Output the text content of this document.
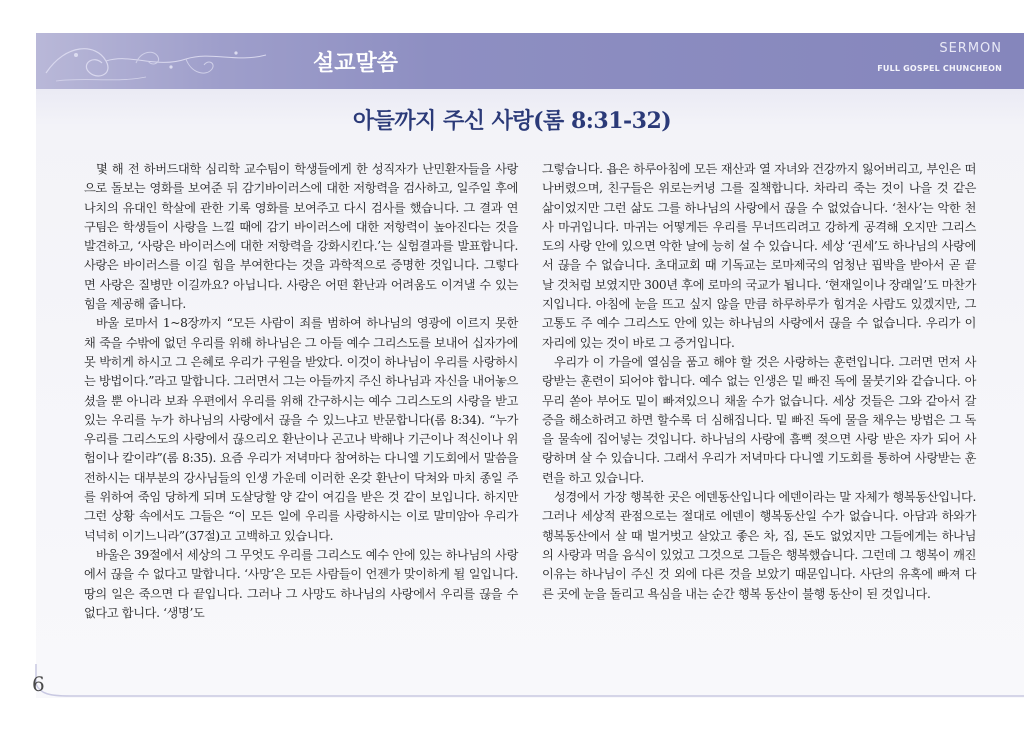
설교말씀
SERMON
FULL GOSPEL CHUNCHEON
아들까지 주신 사랑(롬 8:31-32)

몇 해 전 하버드대학 심리학 교수팀이 학생들에게 한 성직자가 난민환자들을 사랑으로 돌보는 영화를 보여준 뒤 감기바이러스에 대한 저항력을 검사하고, 일주일 후에 나치의 유대인 학살에 관한 기록 영화를 보여주고 다시 검사를 했습니다. 그 결과 연구팀은 학생들이 사랑을 느낄 때에 감기 바이러스에 대한 저항력이 높아진다는 것을 발견하고, ‘사랑은 바이러스에 대한 저항력을 강화시킨다.’는 실험결과를 발표합니다. 사랑은 바이러스를 이길 힘을 부여한다는 것을 과학적으로 증명한 것입니다. 그렇다면 사랑은 질병만 이길까요? 아닙니다. 사랑은 어떤 환난과 어려움도 이겨낼 수 있는 힘을 제공해 줍니다.

바울 로마서 1~8장까지 “모든 사람이 죄를 범하여 하나님의 영광에 이르지 못한 채 죽을 수밖에 없던 우리를 위해 하나님은 그 아들 예수 그리스도를 보내어 십자가에 못 박히게 하시고 그 은혜로 우리가 구원을 받았다. 이것이 하나님이 우리를 사랑하시는 방법이다.”라고 말합니다. 그러면서 그는 아들까지 주신 하나님과 자신을 내어놓으셨을 뿐 아니라 보좌 우편에서 우리를 위해 간구하시는 예수 그리스도의 사랑을 받고 있는 우리를 누가 하나님의 사랑에서 끊을 수 있느냐고 반문합니다(롬 8:34). “누가 우리를 그리스도의 사랑에서 끊으리오 환난이나 곤고나 박해나 기근이나 적신이나 위험이나 칼이랴”(롬 8:35). 요즘 우리가 저녁마다 참여하는 다니엘 기도회에서 말씀을 전하시는 대부분의 강사님들의 인생 가운데 이러한 온갖 환난이 닥쳐와 마치 종일 주를 위하여 죽임 당하게 되며 도살당할 양 같이 여김을 받은 것 같이 보입니다. 하지만 그런 상황 속에서도 그들은 “이 모든 일에 우리를 사랑하시는 이로 말미암아 우리가 넉넉히 이기느니라”(37절)고 고백하고 있습니다.

바울은 39절에서 세상의 그 무엇도 우리를 그리스도 예수 안에 있는 하나님의 사랑에서 끊을 수 없다고 말합니다. ‘사망’은 모든 사람들이 언젠가 맞이하게 될 일입니다. 땅의 일은 죽으면 다 끝입니다. 그러나 그 사망도 하나님의 사랑에서 우리를 끊을 수 없다고 합니다. ‘생명’도

그렇습니다. 욥은 하루아침에 모든 재산과 열 자녀와 건강까지 잃어버리고, 부인은 떠나버렸으며, 친구들은 위로는커녕 그를 질책합니다. 차라리 죽는 것이 나을 것 같은 삶이었지만 그런 삶도 그를 하나님의 사랑에서 끊을 수 없었습니다. ‘천사’는 악한 천사 마귀입니다. 마귀는 어떻게든 우리를 무너뜨리려고 강하게 공격해 오지만 그리스도의 사랑 안에 있으면 악한 날에 능히 설 수 있습니다. 세상 ‘권세’도 하나님의 사랑에서 끊을 수 없습니다. 초대교회 때 기독교는 로마제국의 엄청난 핍박을 받아서 곧 끝날 것처럼 보였지만 300년 후에 로마의 국교가 됩니다. ‘현재일이나 장래일’도 마찬가지입니다. 아침에 눈을 뜨고 싶지 않을 만큼 하루하루가 힘겨운 사람도 있겠지만, 그 고통도 주 예수 그리스도 안에 있는 하나님의 사랑에서 끊을 수 없습니다. 우리가 이 자리에 있는 것이 바로 그 증거입니다.

우리가 이 가을에 열심을 품고 해야 할 것은 사랑하는 훈련입니다. 그러면 먼저 사랑받는 훈련이 되어야 합니다. 예수 없는 인생은 밑 빠진 독에 물붓기와 같습니다. 아무리 쏟아 부어도 밑이 빠져있으니 채울 수가 없습니다. 세상 것들은 그와 같아서 갈증을 해소하려고 하면 할수록 더 심해집니다. 밑 빠진 독에 물을 채우는 방법은 그 독을 물속에 집어넣는 것입니다. 하나님의 사랑에 흠뻑 젖으면 사랑 받은 자가 되어 사랑하며 살 수 있습니다. 그래서 우리가 저녁마다 다니엘 기도회를 통하여 사랑받는 훈련을 하고 있습니다.

성경에서 가장 행복한 곳은 에덴동산입니다 에덴이라는 말 자체가 행복동산입니다. 그러나 세상적 관점으로는 절대로 에덴이 행복동산일 수가 없습니다. 아담과 하와가 행복동산에서 살 때 벌거벗고 살았고 좋은 차, 집, 돈도 없었지만 그들에게는 하나님의 사랑과 먹을 음식이 있었고 그것으로 그들은 행복했습니다. 그런데 그 행복이 깨진 이유는 하나님이 주신 것 외에 다른 것을 보았기 때문입니다. 사단의 유혹에 빠져 다른 곳에 눈을 돌리고 욕심을 내는 순간 행복 동산이 불행 동산이 된 것입니다.

6
